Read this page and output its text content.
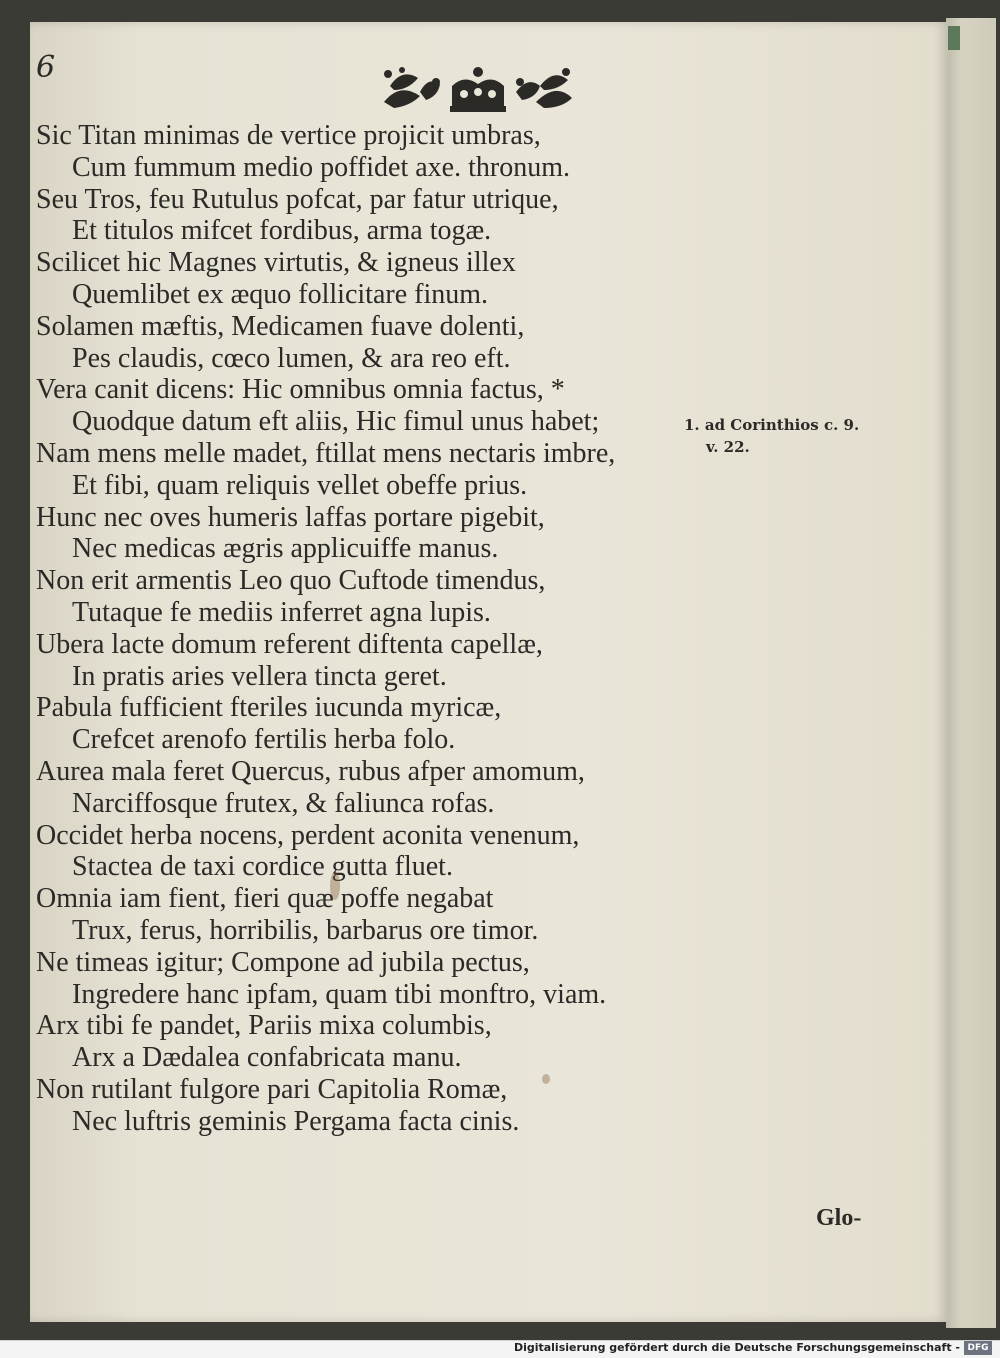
6
Sic Titan minimas de vertice projicit umbras,
Cum fummum medio poffidet axe. thronum.
Seu Tros, feu Rutulus pofcat, par fatur utrique,
Et titulos mifcet fordibus, arma togæ.
Scilicet hic Magnes virtutis, & igneus illex
Quemlibet ex æquo follicitare finum.
Solamen mæftis, Medicamen fuave dolenti,
Pes claudis, cœco lumen, & ara reo eft.
Vera canit dicens: Hic omnibus omnia factus, *
Quodque datum eft aliis, Hic fimul unus habet;
Nam mens melle madet, ftillat mens nectaris imbre,
Et fibi, quam reliquis vellet obeffe prius.
Hunc nec oves humeris laffas portare pigebit,
Nec medicas ægris applicuiffe manus.
Non erit armentis Leo quo Cuftode timendus,
Tutaque fe mediis inferret agna lupis.
Ubera lacte domum referent diftenta capellæ,
In pratis aries vellera tincta geret.
Pabula fufficient fteriles iucunda myricæ,
Crefcet arenofo fertilis herba folo.
Aurea mala feret Quercus, rubus afper amomum,
Narciffosque frutex, & faliunca rofas.
Occidet herba nocens, perdent aconita venenum,
Stactea de taxi cordice gutta fluet.
Omnia iam fient, fieri quæ poffe negabat
Trux, ferus, horribilis, barbarus ore timor.
Ne timeas igitur; Compone ad jubila pectus,
Ingredere hanc ipfam, quam tibi monftro, viam.
Arx tibi fe pandet, Pariis mixa columbis,
Arx a Dædalea confabricata manu.
Non rutilant fulgore pari Capitolia Romæ,
Nec luftris geminis Pergama facta cinis.
1. ad Corinthios c. 9.
v. 22.
Glo-
Digitalisierung gefördert durch die Deutsche Forschungsgemeinschaft - DFG
